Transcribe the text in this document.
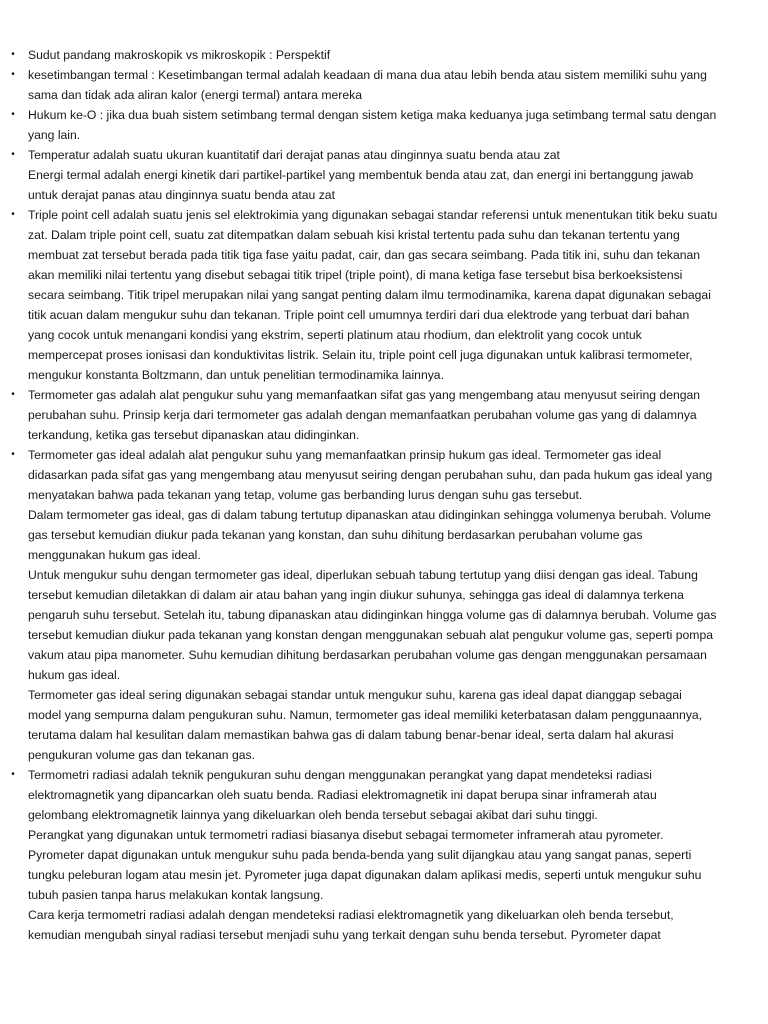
•	Sudut pandang makroskopik vs mikroskopik : Perspektif

•	kesetimbangan termal : Kesetimbangan termal adalah keadaan di mana dua atau lebih benda atau sistem memiliki suhu yang sama dan tidak ada aliran kalor (energi termal) antara mereka

•	Hukum ke-O : jika dua buah sistem setimbang termal dengan sistem ketiga maka keduanya juga setimbang termal satu dengan yang lain.

•	Temperatur adalah suatu ukuran kuantitatif dari derajat panas atau dinginnya suatu benda atau zat

Energi termal adalah energi kinetik dari partikel-partikel yang membentuk benda atau zat, dan energi ini bertanggung jawab untuk derajat panas atau dinginnya suatu benda atau zat

•	Triple point cell adalah suatu jenis sel elektrokimia yang digunakan sebagai standar referensi untuk menentukan titik beku suatu zat. Dalam triple point cell, suatu zat ditempatkan dalam sebuah kisi kristal tertentu pada suhu dan tekanan tertentu yang membuat zat tersebut berada pada titik tiga fase yaitu padat, cair, dan gas secara seimbang. Pada titik ini, suhu dan tekanan akan memiliki nilai tertentu yang disebut sebagai titik tripel (triple point), di mana ketiga fase tersebut bisa berkoeksistensi secara seimbang. Titik tripel merupakan nilai yang sangat penting dalam ilmu termodinamika, karena dapat digunakan sebagai titik acuan dalam mengukur suhu dan tekanan. Triple point cell umumnya terdiri dari dua elektrode yang terbuat dari bahan yang cocok untuk menangani kondisi yang ekstrim, seperti platinum atau rhodium, dan elektrolit yang cocok untuk mempercepat proses ionisasi dan konduktivitas listrik. Selain itu, triple point cell juga digunakan untuk kalibrasi termometer, mengukur konstanta Boltzmann, dan untuk penelitian termodinamika lainnya.

•	Termometer gas adalah alat pengukur suhu yang memanfaatkan sifat gas yang mengembang atau menyusut seiring dengan perubahan suhu. Prinsip kerja dari termometer gas adalah dengan memanfaatkan perubahan volume gas yang di dalamnya terkandung, ketika gas tersebut dipanaskan atau didinginkan.

•	Termometer gas ideal adalah alat pengukur suhu yang memanfaatkan prinsip hukum gas ideal. Termometer gas ideal didasarkan pada sifat gas yang mengembang atau menyusut seiring dengan perubahan suhu, dan pada hukum gas ideal yang menyatakan bahwa pada tekanan yang tetap, volume gas berbanding lurus dengan suhu gas tersebut.

Dalam termometer gas ideal, gas di dalam tabung tertutup dipanaskan atau didinginkan sehingga volumenya berubah. Volume gas tersebut kemudian diukur pada tekanan yang konstan, dan suhu dihitung berdasarkan perubahan volume gas menggunakan hukum gas ideal.

Untuk mengukur suhu dengan termometer gas ideal, diperlukan sebuah tabung tertutup yang diisi dengan gas ideal. Tabung tersebut kemudian diletakkan di dalam air atau bahan yang ingin diukur suhunya, sehingga gas ideal di dalamnya terkena pengaruh suhu tersebut. Setelah itu, tabung dipanaskan atau didinginkan hingga volume gas di dalamnya berubah. Volume gas tersebut kemudian diukur pada tekanan yang konstan dengan menggunakan sebuah alat pengukur volume gas, seperti pompa vakum atau pipa manometer. Suhu kemudian dihitung berdasarkan perubahan volume gas dengan menggunakan persamaan hukum gas ideal.

Termometer gas ideal sering digunakan sebagai standar untuk mengukur suhu, karena gas ideal dapat dianggap sebagai model yang sempurna dalam pengukuran suhu. Namun, termometer gas ideal memiliki keterbatasan dalam penggunaannya, terutama dalam hal kesulitan dalam memastikan bahwa gas di dalam tabung benar-benar ideal, serta dalam hal akurasi pengukuran volume gas dan tekanan gas.

•	Termometri radiasi adalah teknik pengukuran suhu dengan menggunakan perangkat yang dapat mendeteksi radiasi elektromagnetik yang dipancarkan oleh suatu benda. Radiasi elektromagnetik ini dapat berupa sinar inframerah atau gelombang elektromagnetik lainnya yang dikeluarkan oleh benda tersebut sebagai akibat dari suhu tinggi.

Perangkat yang digunakan untuk termometri radiasi biasanya disebut sebagai termometer inframerah atau pyrometer.

Pyrometer dapat digunakan untuk mengukur suhu pada benda-benda yang sulit dijangkau atau yang sangat panas, seperti tungku peleburan logam atau mesin jet. Pyrometer juga dapat digunakan dalam aplikasi medis, seperti untuk mengukur suhu tubuh pasien tanpa harus melakukan kontak langsung.

Cara kerja termometri radiasi adalah dengan mendeteksi radiasi elektromagnetik yang dikeluarkan oleh benda tersebut, kemudian mengubah sinyal radiasi tersebut menjadi suhu yang terkait dengan suhu benda tersebut. Pyrometer dapat
